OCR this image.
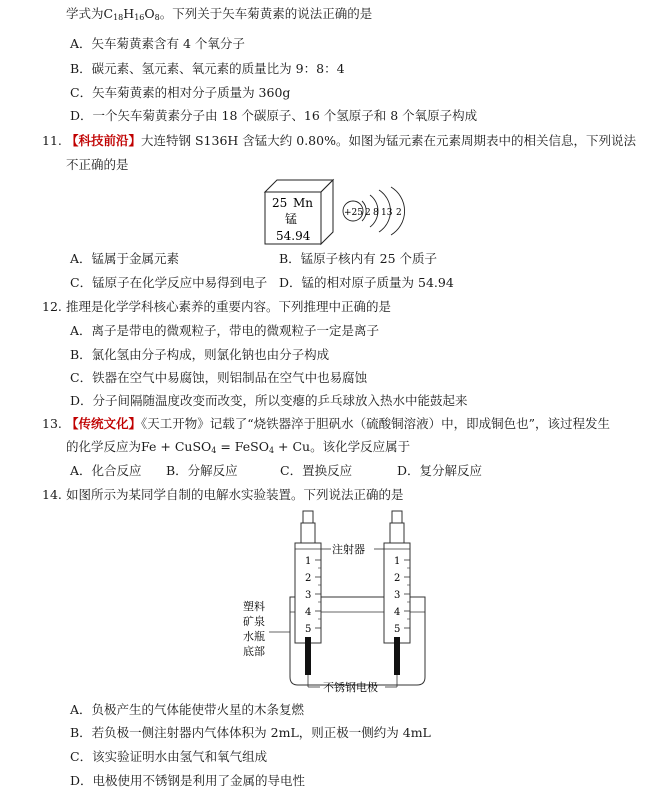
学式为$C_{18}H_{16}O_8$。下列关于矢车菊黄素的说法正确的是
A．矢车菊黄素含有 4 个氧分子
B．碳元素、氢元素、氧元素的质量比为 9：8：4
C．矢车菊黄素的相对分子质量为 360g
D．一个矢车菊黄素分子由 18 个碳原子、16 个氢原子和 8 个氧原子构成
11. 【科技前沿】大连特钢 S136H 含锰大约 0.80%。如图为锰元素在元素周期表中的相关信息，下列说法
不正确的是
25 Mn
锰
54.94
+25 2 8 13 2
A．锰属于金属元素	B．锰原子核内有 25 个质子
C．锰原子在化学反应中易得到电子 D．锰的相对原子质量为 54.94
12. 推理是化学学科核心素养的重要内容。下列推理中正确的是
A．离子是带电的微观粒子，带电的微观粒子一定是离子
B．氯化氢由分子构成，则氯化钠也由分子构成
C．铁器在空气中易腐蚀，则铝制品在空气中也易腐蚀
D．分子间隔随温度改变而改变，所以变瘪的乒乓球放入热水中能鼓起来
13. 【传统文化】《天工开物》记载了“烧铁器淬于胆矾水（硫酸铜溶液）中，即成铜色也”，该过程发生
的化学反应为Fe + CuSO$_4$ = FeSO$_4$ + Cu。该化学反应属于
A．化合反应 B．分解反应	C．置换反应	D．复分解反应
14. 如图所示为某同学自制的电解水实验装置。下列说法正确的是
1
2
3
4
5
1
2
3
4
5
注射器
塑料
矿泉
水瓶
底部
不锈钢电极
A．负极产生的气体能使带火星的木条复燃
B．若负极一侧注射器内气体体积为 2mL，则正极一侧约为 4mL
C．该实验证明水由氢气和氧气组成
D．电极使用不锈钢是利用了金属的导电性
